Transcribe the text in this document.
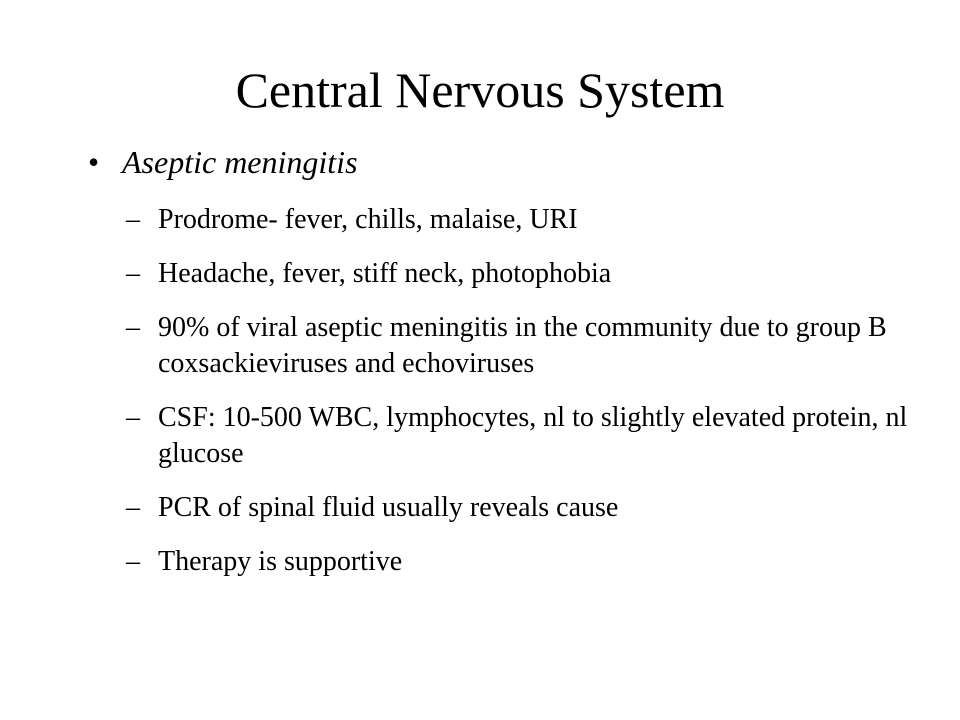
Central Nervous System
• Aseptic meningitis
– Prodrome- fever, chills, malaise, URI
– Headache, fever, stiff neck, photophobia
– 90% of viral aseptic meningitis in the community due to group B coxsackieviruses and echoviruses
– CSF: 10-500 WBC, lymphocytes, nl to slightly elevated protein, nl glucose
– PCR of spinal fluid usually reveals cause
– Therapy is supportive
